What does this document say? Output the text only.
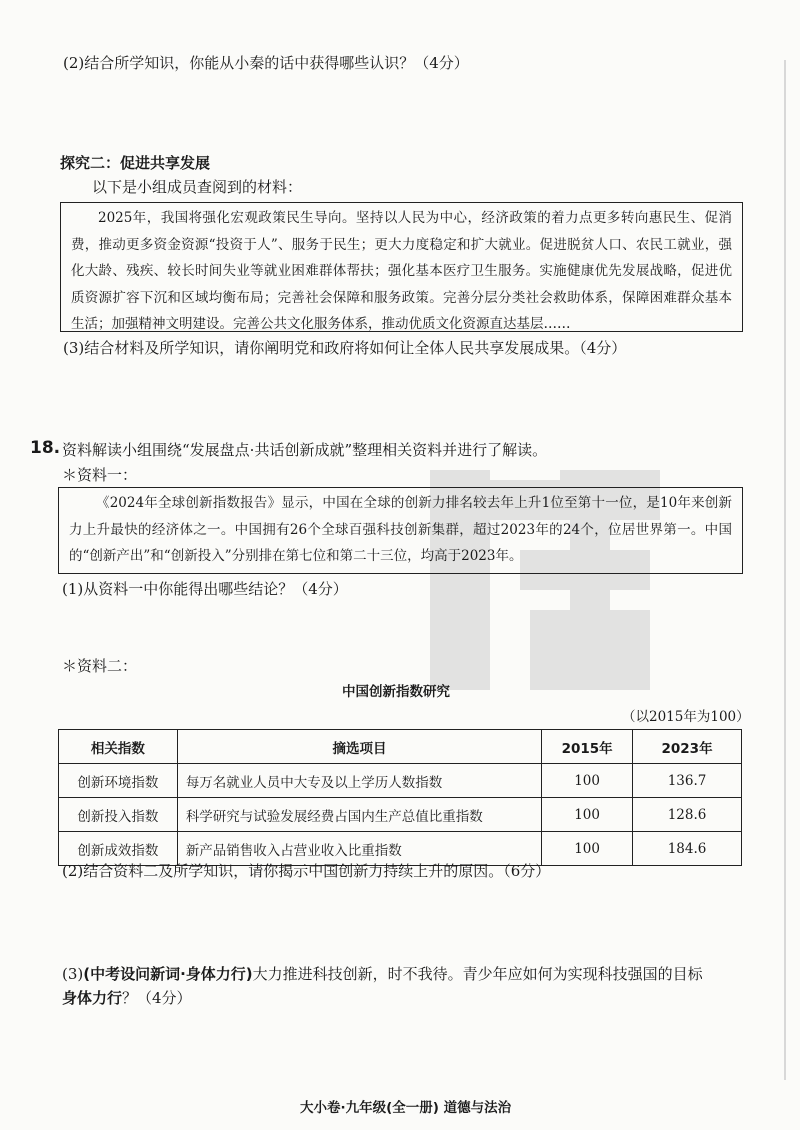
(2)结合所学知识，你能从小秦的话中获得哪些认识？（4分）
探究二：促进共享发展
以下是小组成员查阅到的材料：
2025年，我国将强化宏观政策民生导向。坚持以人民为中心，经济政策的着力点更多转向惠民生、促消费，推动更多资金资源“投资于人”、服务于民生；更大力度稳定和扩大就业。促进脱贫人口、农民工就业，强化大龄、残疾、较长时间失业等就业困难群体帮扶；强化基本医疗卫生服务。实施健康优先发展战略，促进优质资源扩容下沉和区域均衡布局；完善社会保障和服务政策。完善分层分类社会救助体系，保障困难群众基本生活；加强精神文明建设。完善公共文化服务体系，推动优质文化资源直达基层……
(3)结合材料及所学知识，请你阐明党和政府将如何让全体人民共享发展成果。（4分）
18. 资料解读小组围绕“发展盘点·共话创新成就”整理相关资料并进行了解读。
＊资料一：
《2024年全球创新指数报告》显示，中国在全球的创新力排名较去年上升1位至第十一位，是10年来创新力上升最快的经济体之一。中国拥有26个全球百强科技创新集群，超过2023年的24个，位居世界第一。中国的“创新产出”和“创新投入”分别排在第七位和第二十三位，均高于2023年。
(1)从资料一中你能得出哪些结论？（4分）
＊资料二：
中国创新指数研究
（以2015年为100）
相关指数	摘选项目	2015年	2023年
创新环境指数	每万名就业人员中大专及以上学历人数指数	100	136.7
创新投入指数	科学研究与试验发展经费占国内生产总值比重指数	100	128.6
创新成效指数	新产品销售收入占营业收入比重指数	100	184.6
(2)结合资料二及所学知识，请你揭示中国创新力持续上升的原因。（6分）
(3)(中考设问新词·身体力行)大力推进科技创新，时不我待。青少年应如何为实现科技强国的目标
身体力行？（4分）
大小卷·九年级(全一册) 道德与法治
